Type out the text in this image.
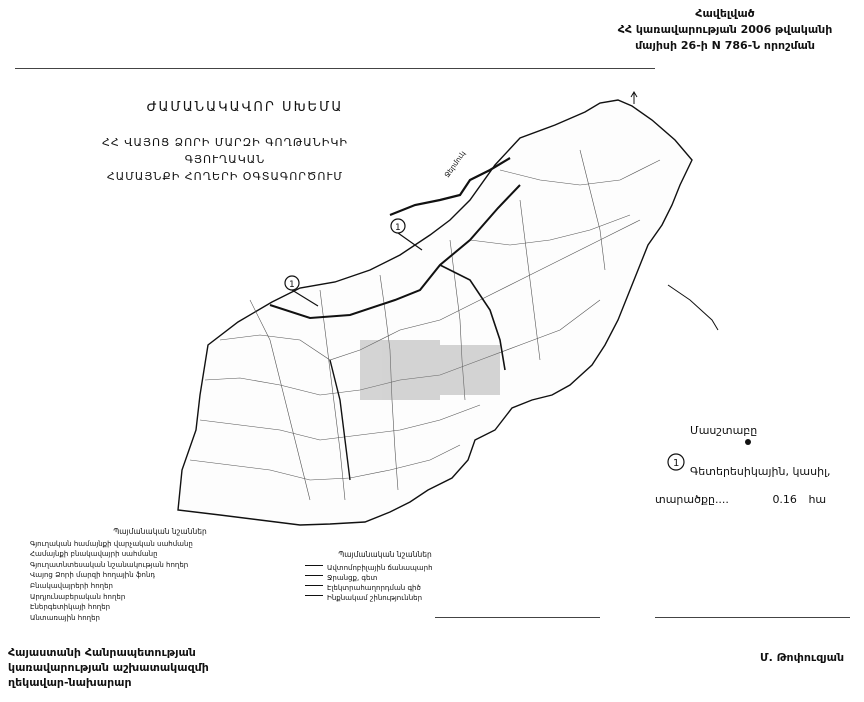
Հավելված
ՀՀ կառավարության 2006 թվականի
մայիսի 26-ի N 786-Ն որոշման
ԺԱՄԱՆԱԿԱՎՈՐ ՍԽԵՄԱ
ՀՀ ՎԱՅՈՑ ՁՈՐԻ ՄԱՐԶԻ ԳՈՂԹԱՆԻԿԻ ԳՅՈՒՂԱԿԱՆ
ՀԱՄԱՅՆՔԻ ՀՈՂԵՐԻ ՕԳՏԱԳՈՐԾՈՒՄ
1
1
Ջերմուկ
1
Մասշտաբը
Գետերեսիկային, կասիլ,
տարածքը....	0.16 հա
Պայմանական նշաններ
Գյուղական համայնքի վարչական սահմանը
Համայնքի բնակավայրի սահմանը
Գյուղատնտեսական նշանակության հողեր
Վայոց Ձորի մարզի հողային ֆոնդ
Բնակավայրերի հողեր
Արդյունաբերական հողեր
Էներգետիկայի հողեր
Անտառային հողեր
Պայմանական նշաններ
Ավտոմոբիլային ճանապարհ
Ջրանցք, գետ
Էլեկտրահաղորդման գիծ
Ինքնակամ շինություններ
Հայաստանի Հանրապետության
կառավարության աշխատակազմի
ղեկավար-նախարար
Մ. Թոփուզյան
